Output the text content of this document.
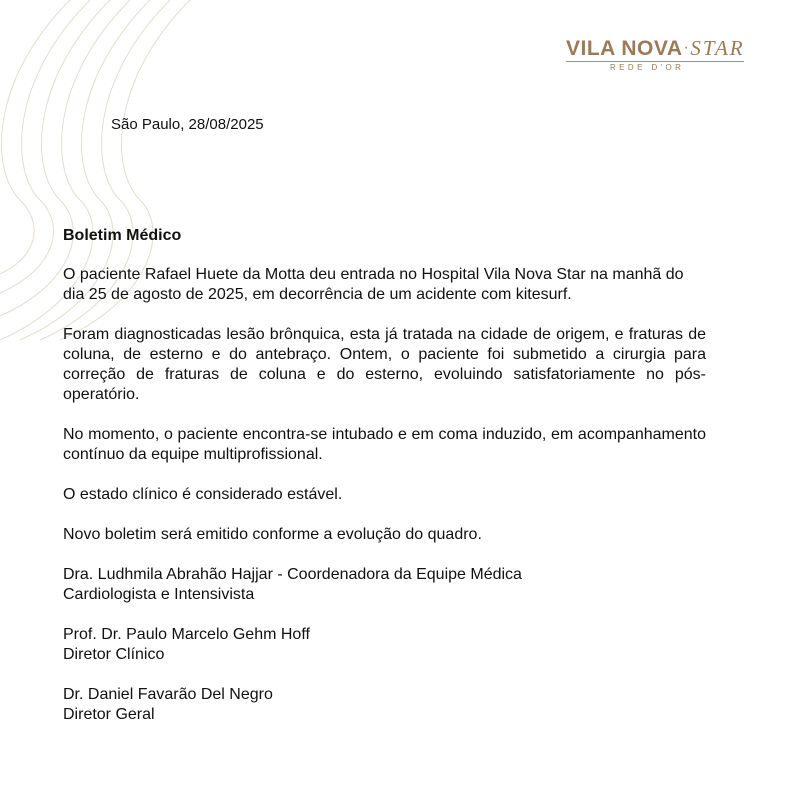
VILA NOVA·STAR
REDE D'OR
São Paulo, 28/08/2025
Boletim Médico

O paciente Rafael Huete da Motta deu entrada no Hospital Vila Nova Star na manhã do dia 25 de agosto de 2025, em decorrência de um acidente com kitesurf.

Foram diagnosticadas lesão brônquica, esta já tratada na cidade de origem, e fraturas de coluna, de esterno e do antebraço. Ontem, o paciente foi submetido a cirurgia para correção de fraturas de coluna e do esterno, evoluindo satisfatoriamente no pós-operatório.

No momento, o paciente encontra-se intubado e em coma induzido, em acompanhamento contínuo da equipe multiprofissional.

O estado clínico é considerado estável.

Novo boletim será emitido conforme a evolução do quadro.

Dra. Ludhmila Abrahão Hajjar - Coordenadora da Equipe Médica
Cardiologista e Intensivista
Prof. Dr. Paulo Marcelo Gehm Hoff
Diretor Clínico
Dr. Daniel Favarão Del Negro
Diretor Geral
